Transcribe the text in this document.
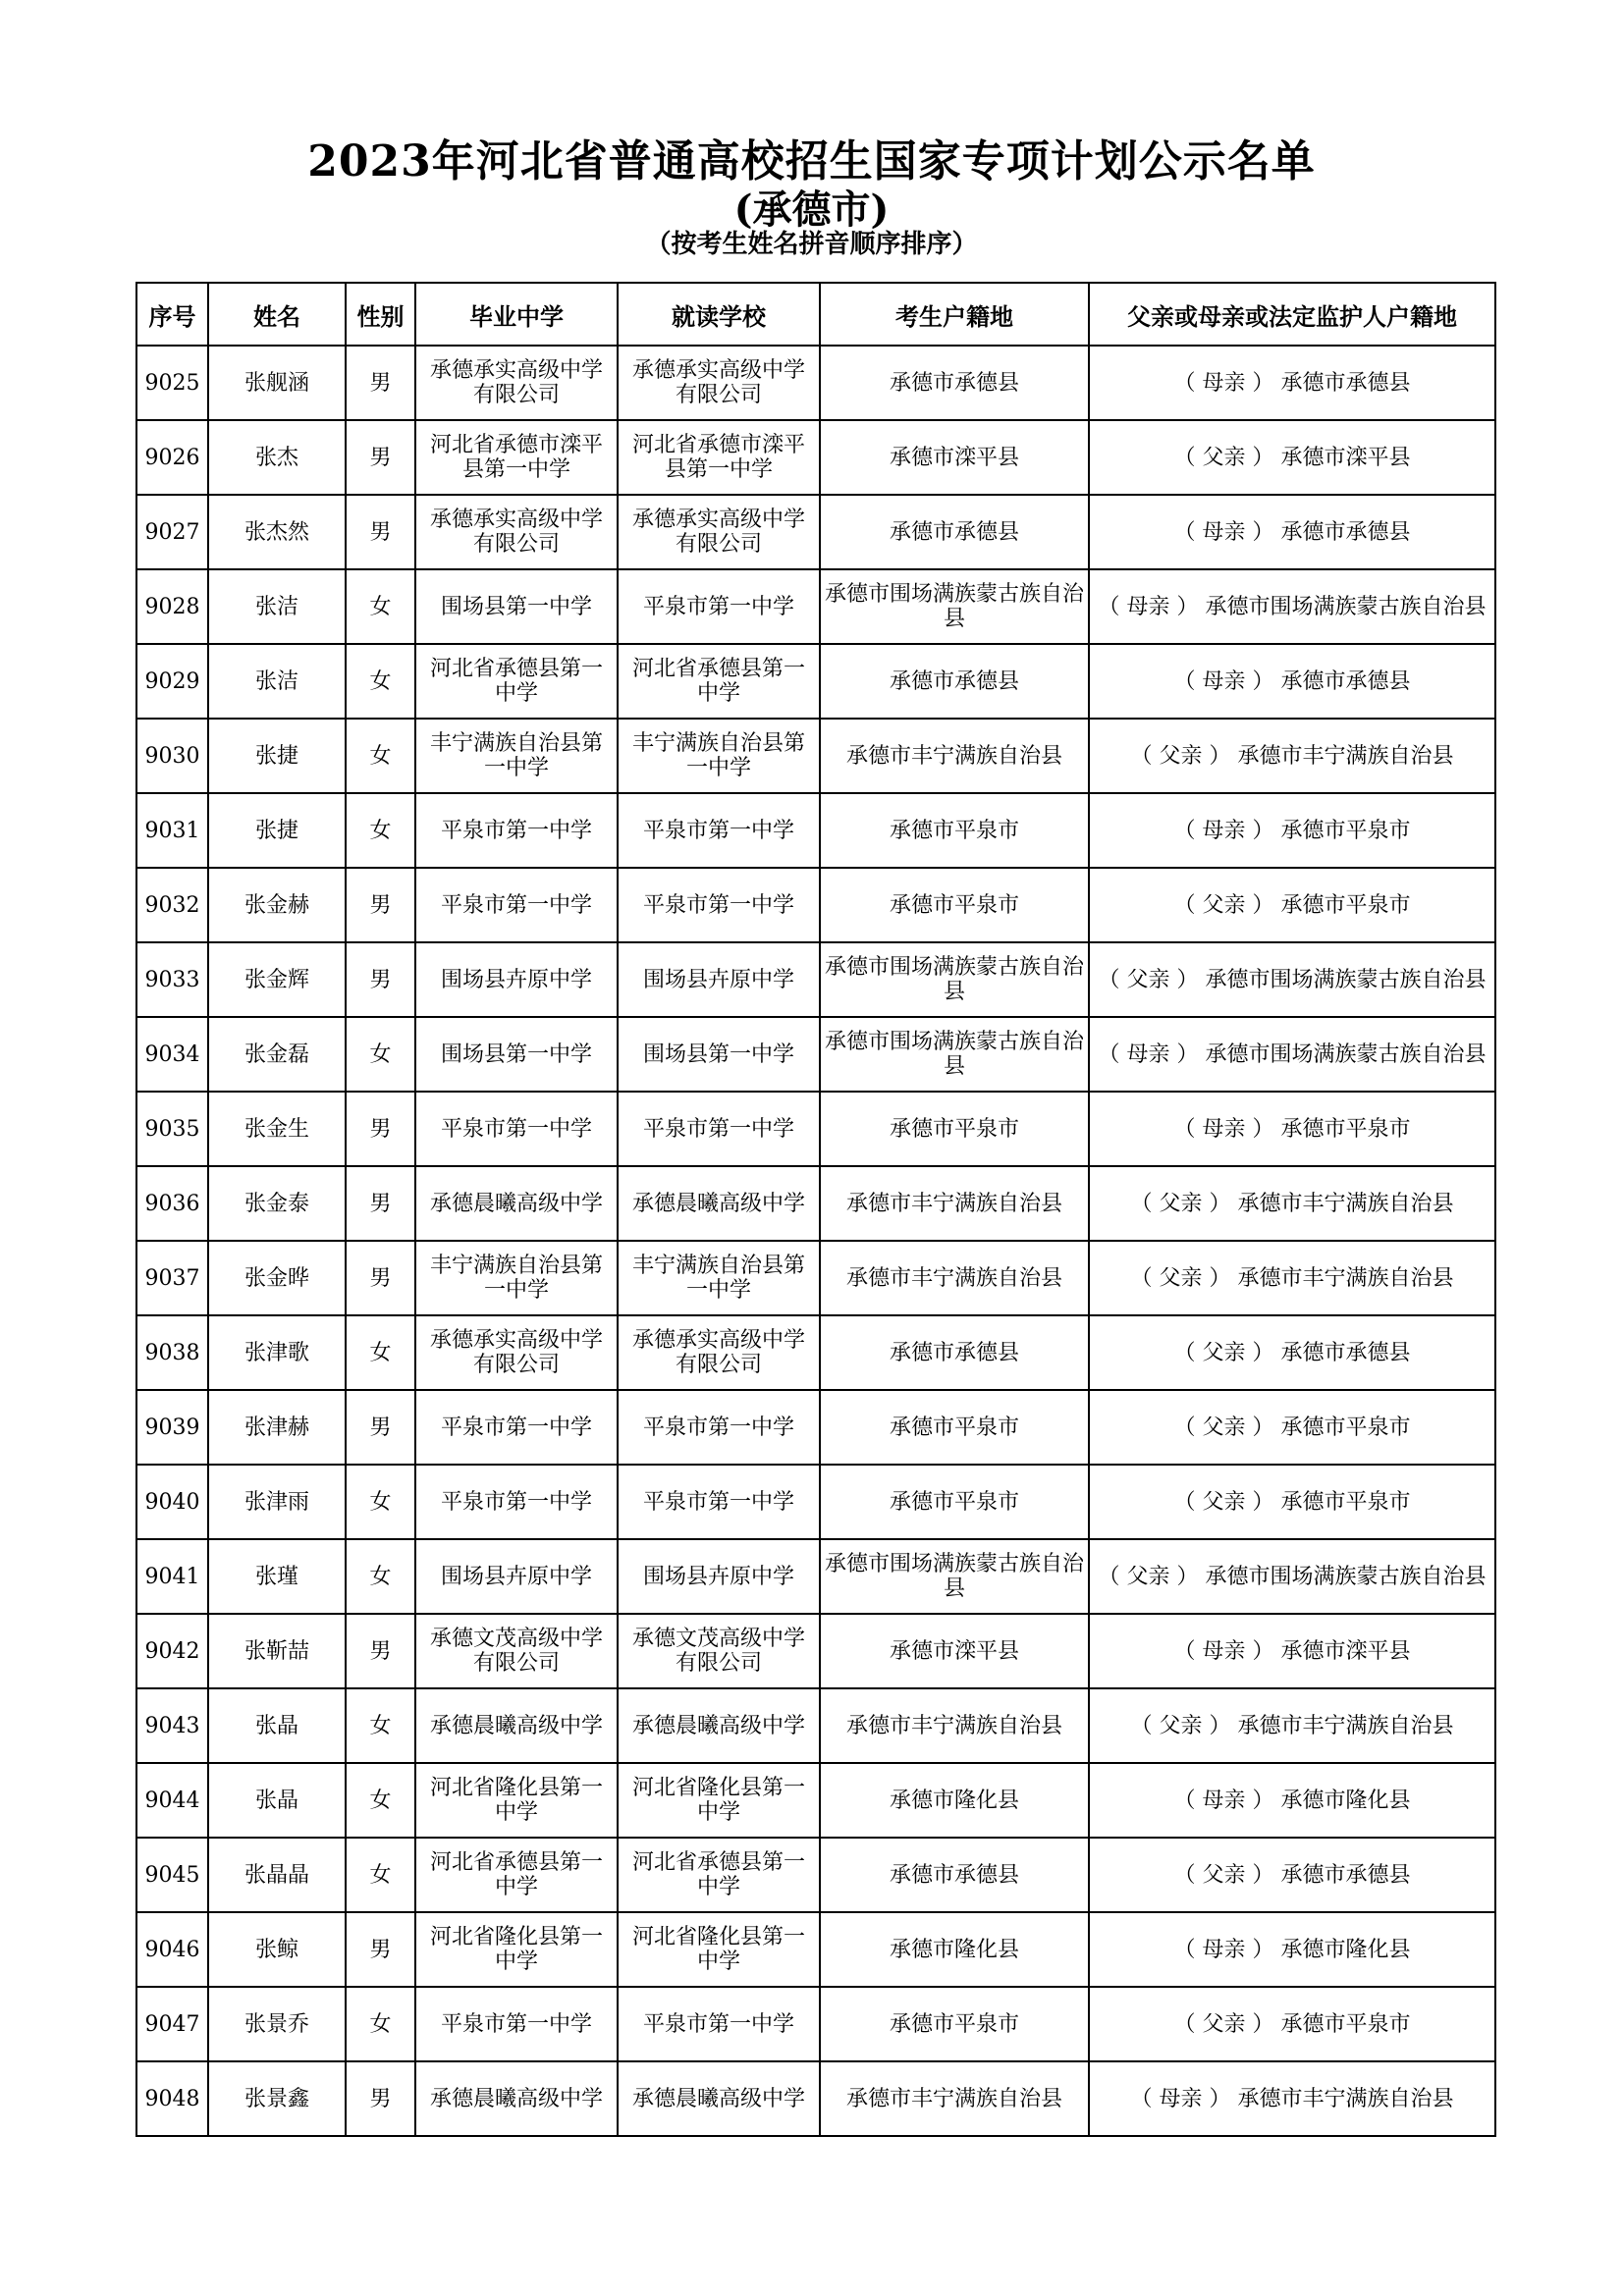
2023年河北省普通高校招生国家专项计划公示名单
(承德市)
（按考生姓名拼音顺序排序）
序号	姓名	性别	毕业中学	就读学校	考生户籍地	父亲或母亲或法定监护人户籍地
9025	张舰涵	男	承德承实高级中学有限公司	承德承实高级中学有限公司	承德市承德县	（ 母亲 ） 承德市承德县
9026	张杰	男	河北省承德市滦平县第一中学	河北省承德市滦平县第一中学	承德市滦平县	（ 父亲 ） 承德市滦平县
9027	张杰然	男	承德承实高级中学有限公司	承德承实高级中学有限公司	承德市承德县	（ 母亲 ） 承德市承德县
9028	张洁	女	围场县第一中学	平泉市第一中学	承德市围场满族蒙古族自治县	（ 母亲 ） 承德市围场满族蒙古族自治县
9029	张洁	女	河北省承德县第一中学	河北省承德县第一中学	承德市承德县	（ 母亲 ） 承德市承德县
9030	张捷	女	丰宁满族自治县第一中学	丰宁满族自治县第一中学	承德市丰宁满族自治县	（ 父亲 ） 承德市丰宁满族自治县
9031	张捷	女	平泉市第一中学	平泉市第一中学	承德市平泉市	（ 母亲 ） 承德市平泉市
9032	张金赫	男	平泉市第一中学	平泉市第一中学	承德市平泉市	（ 父亲 ） 承德市平泉市
9033	张金辉	男	围场县卉原中学	围场县卉原中学	承德市围场满族蒙古族自治县	（ 父亲 ） 承德市围场满族蒙古族自治县
9034	张金磊	女	围场县第一中学	围场县第一中学	承德市围场满族蒙古族自治县	（ 母亲 ） 承德市围场满族蒙古族自治县
9035	张金生	男	平泉市第一中学	平泉市第一中学	承德市平泉市	（ 母亲 ） 承德市平泉市
9036	张金泰	男	承德晨曦高级中学	承德晨曦高级中学	承德市丰宁满族自治县	（ 父亲 ） 承德市丰宁满族自治县
9037	张金晔	男	丰宁满族自治县第一中学	丰宁满族自治县第一中学	承德市丰宁满族自治县	（ 父亲 ） 承德市丰宁满族自治县
9038	张津歌	女	承德承实高级中学有限公司	承德承实高级中学有限公司	承德市承德县	（ 父亲 ） 承德市承德县
9039	张津赫	男	平泉市第一中学	平泉市第一中学	承德市平泉市	（ 父亲 ） 承德市平泉市
9040	张津雨	女	平泉市第一中学	平泉市第一中学	承德市平泉市	（ 父亲 ） 承德市平泉市
9041	张瑾	女	围场县卉原中学	围场县卉原中学	承德市围场满族蒙古族自治县	（ 父亲 ） 承德市围场满族蒙古族自治县
9042	张靳喆	男	承德文茂高级中学有限公司	承德文茂高级中学有限公司	承德市滦平县	（ 母亲 ） 承德市滦平县
9043	张晶	女	承德晨曦高级中学	承德晨曦高级中学	承德市丰宁满族自治县	（ 父亲 ） 承德市丰宁满族自治县
9044	张晶	女	河北省隆化县第一中学	河北省隆化县第一中学	承德市隆化县	（ 母亲 ） 承德市隆化县
9045	张晶晶	女	河北省承德县第一中学	河北省承德县第一中学	承德市承德县	（ 父亲 ） 承德市承德县
9046	张鲸	男	河北省隆化县第一中学	河北省隆化县第一中学	承德市隆化县	（ 母亲 ） 承德市隆化县
9047	张景乔	女	平泉市第一中学	平泉市第一中学	承德市平泉市	（ 父亲 ） 承德市平泉市
9048	张景鑫	男	承德晨曦高级中学	承德晨曦高级中学	承德市丰宁满族自治县	（ 母亲 ） 承德市丰宁满族自治县
